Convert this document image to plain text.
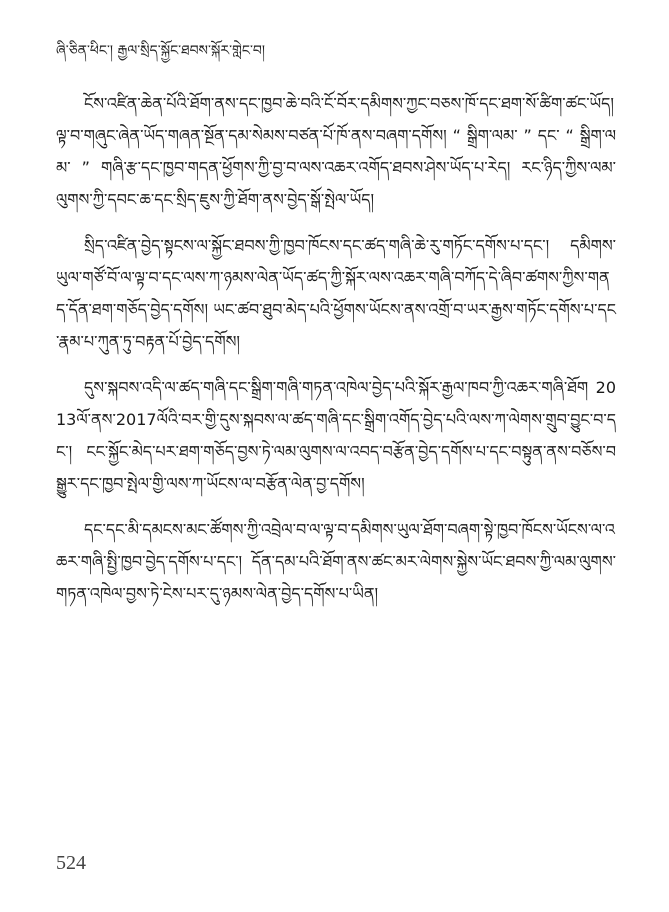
ཞི་ཅིན་ཕིང་། རྒྱལ་སྲིད་སྐྱོང་ཐབས་སྐོར་གླེང་བ།

ངོས་འཛིན་ཆེན་པོའི་ཐོག་ནས་དང་ཁྱབ་ཆེ་བའི་ངོ་བོར་དམིགས་ཀྱང་བཅས་ཁོ་དང་ཐག་སོ་ཚིག་ཚང་ཡོད། ལྟ་བ་གཞུང་ཞེན་ཡོད་གཞན་སྔོན་དམ་སེམས་བཙན་པོ་ཁོ་ནས་བཞག་དགོས། “ སྒྲིག་ལམ་ ” དང་ “ སྒྲིག་ལམ་ ” གཞི་རྩ་དང་ཁྱབ་གདན་ཕྱོགས་ཀྱི་བྱ་བ་ལས་འཆར་འགོད་ཐབས་ཤེས་ཡོད་པ་རེད། རང་ཉིད་ཀྱིས་ལམ་ལུགས་ཀྱི་དབང་ཆ་དང་སྲིད་ཇུས་ཀྱི་ཐོག་ནས་བྱེད་སྒོ་སྤེལ་ཡོད།

སྲིད་འཛིན་བྱེད་སྟངས་ལ་སྐྱོང་ཐབས་ཀྱི་ཁྱབ་ཁོངས་དང་ཚད་གཞི་ཆེ་རུ་གཏོང་དགོས་པ་དང་། དམིགས་ཡུལ་གཙོ་བོ་ལ་ལྟ་བ་དང་ལས་ཀ་ཉམས་ལེན་ཡོད་ཚད་ཀྱི་སྐོར་ལས་འཆར་གཞི་བཀོད་དེ་ཞིབ་ཚགས་ཀྱིས་གནད་དོན་ཐག་གཅོད་བྱེད་དགོས། ཡང་ཚབ་ཐུབ་མེད་པའི་ཕྱོགས་ཡོངས་ནས་འགྲོ་བ་ཡར་རྒྱས་གཏོང་དགོས་པ་དང་རྣམ་པ་ཀུན་ཏུ་བརྟན་པོ་བྱེད་དགོས།

དུས་སྐབས་འདི་ལ་ཚད་གཞི་དང་སྒྲིག་གཞི་གཏན་འཁེལ་བྱེད་པའི་སྐོར་རྒྱལ་ཁབ་ཀྱི་འཆར་གཞི་ཐོག 2013ལོ་ནས་2017ལོའི་བར་གྱི་དུས་སྐབས་ལ་ཚད་གཞི་དང་སྒྲིག་འགོད་བྱེད་པའི་ལས་ཀ་ལེགས་གྲུབ་བྱུང་བ་དང་། ངང་སྐྱོང་མེད་པར་ཐག་གཅོད་བྱས་ཏེ་ལམ་ལུགས་ལ་འབད་བརྩོན་བྱེད་དགོས་པ་དང་བསྟུན་ནས་བཅོས་བསྒྱུར་དང་ཁྱབ་སྤེལ་གྱི་ལས་ཀ་ཡོངས་ལ་བརྩོན་ལེན་བྱ་དགོས།

དང་དང་མི་དམངས་མང་ཚོགས་ཀྱི་འབྲེལ་བ་ལ་ལྟ་བ་དམིགས་ཡུལ་ཐོག་བཞག་སྟེ་ཁྱབ་ཁོངས་ཡོངས་ལ་འཆར་གཞི་སྤྱི་ཁྱབ་བྱེད་དགོས་པ་དང་། དོན་དམ་པའི་ཐོག་ནས་ཚང་མར་ལེགས་སྐྱེས་ཡོང་ཐབས་ཀྱི་ལམ་ལུགས་གཏན་འཁེལ་བྱས་ཏེ་ངེས་པར་དུ་ཉམས་ལེན་བྱེད་དགོས་པ་ཡིན།

524
